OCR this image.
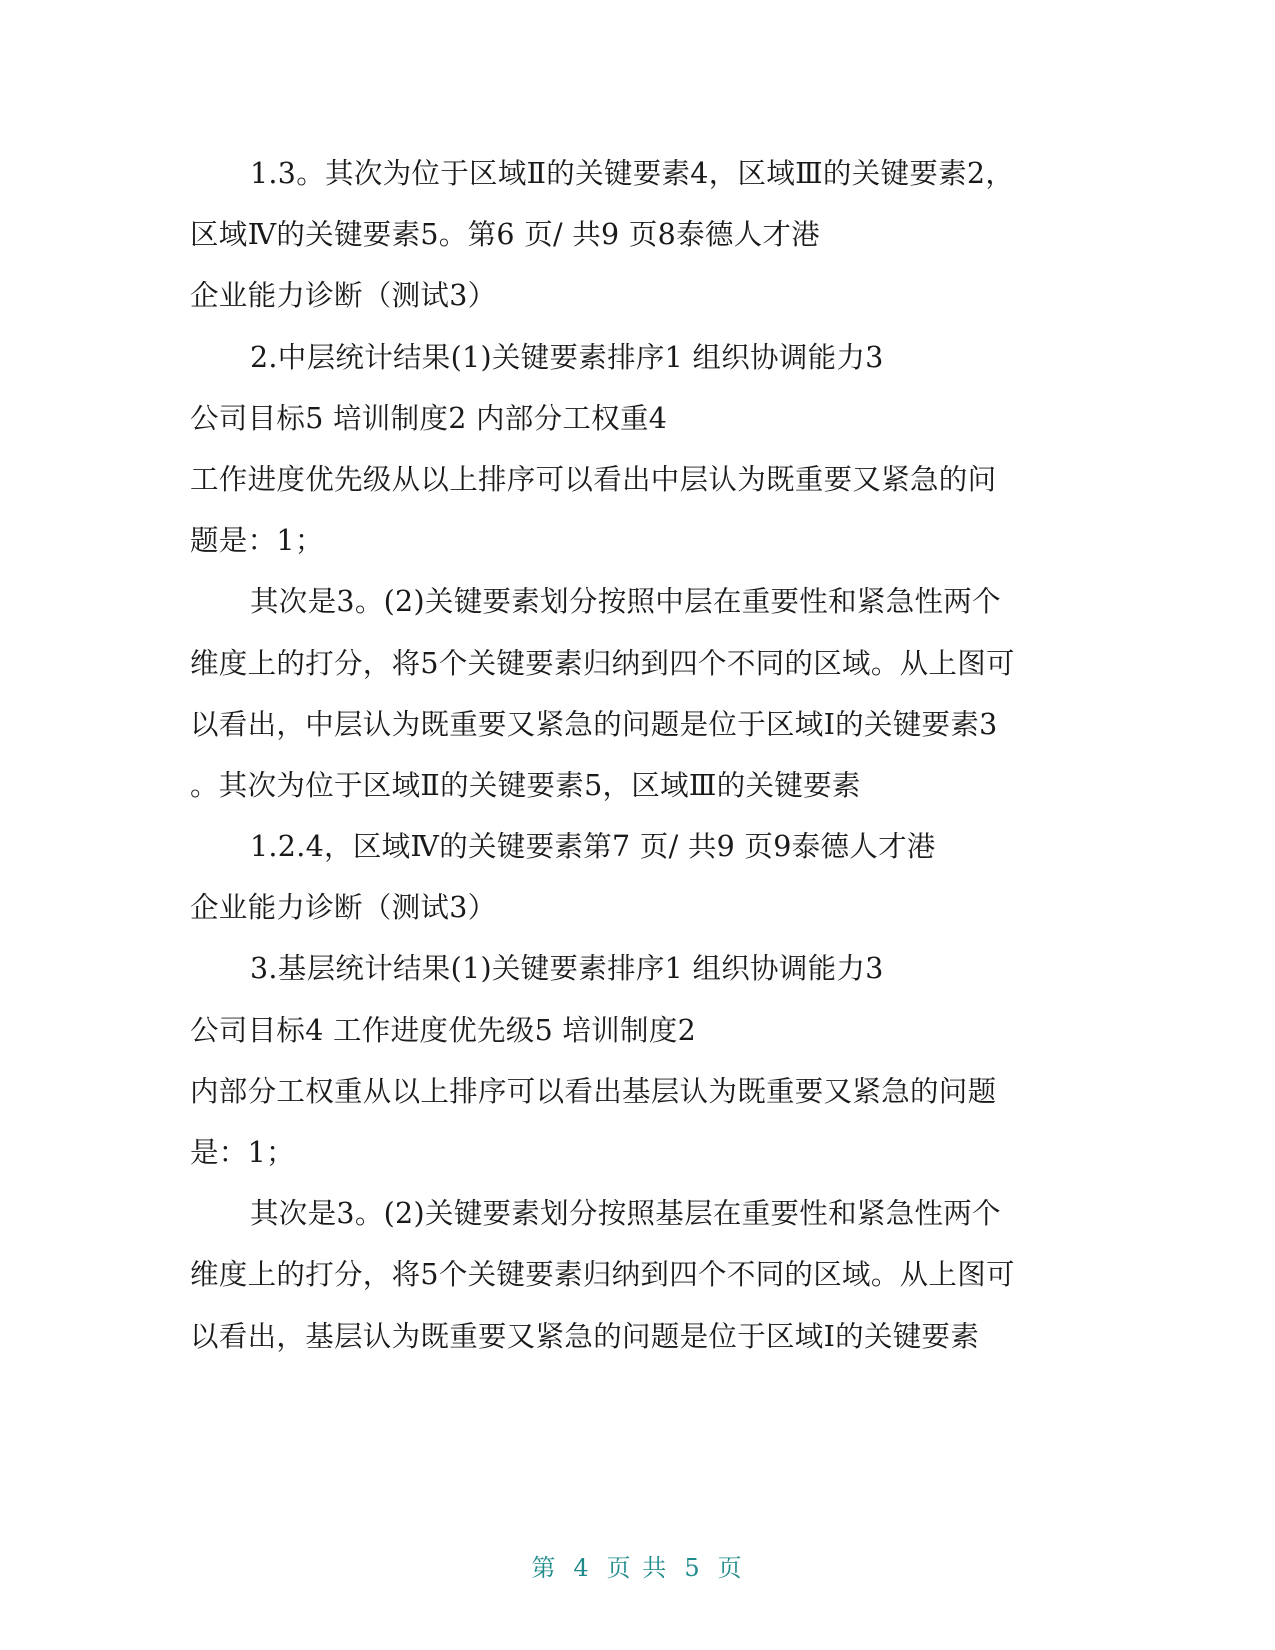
1.3。其次为位于区域Ⅱ的关键要素4，区域Ⅲ的关键要素2，
区域Ⅳ的关键要素5。第6 页/ 共9 页8泰德人才港
企业能力诊断（测试3）
2.中层统计结果(1)关键要素排序1 组织协调能力3
公司目标5 培训制度2 内部分工权重4
工作进度优先级从以上排序可以看出中层认为既重要又紧急的问
题是：1；
其次是3。(2)关键要素划分按照中层在重要性和紧急性两个
维度上的打分，将5个关键要素归纳到四个不同的区域。从上图可
以看出，中层认为既重要又紧急的问题是位于区域Ⅰ的关键要素3
。其次为位于区域Ⅱ的关键要素5，区域Ⅲ的关键要素
1.2.4，区域Ⅳ的关键要素第7 页/ 共9 页9泰德人才港
企业能力诊断（测试3）
3.基层统计结果(1)关键要素排序1 组织协调能力3
公司目标4 工作进度优先级5 培训制度2
内部分工权重从以上排序可以看出基层认为既重要又紧急的问题
是：1；
其次是3。(2)关键要素划分按照基层在重要性和紧急性两个
维度上的打分，将5个关键要素归纳到四个不同的区域。从上图可
以看出，基层认为既重要又紧急的问题是位于区域Ⅰ的关键要素
第 4 页 共 5 页
